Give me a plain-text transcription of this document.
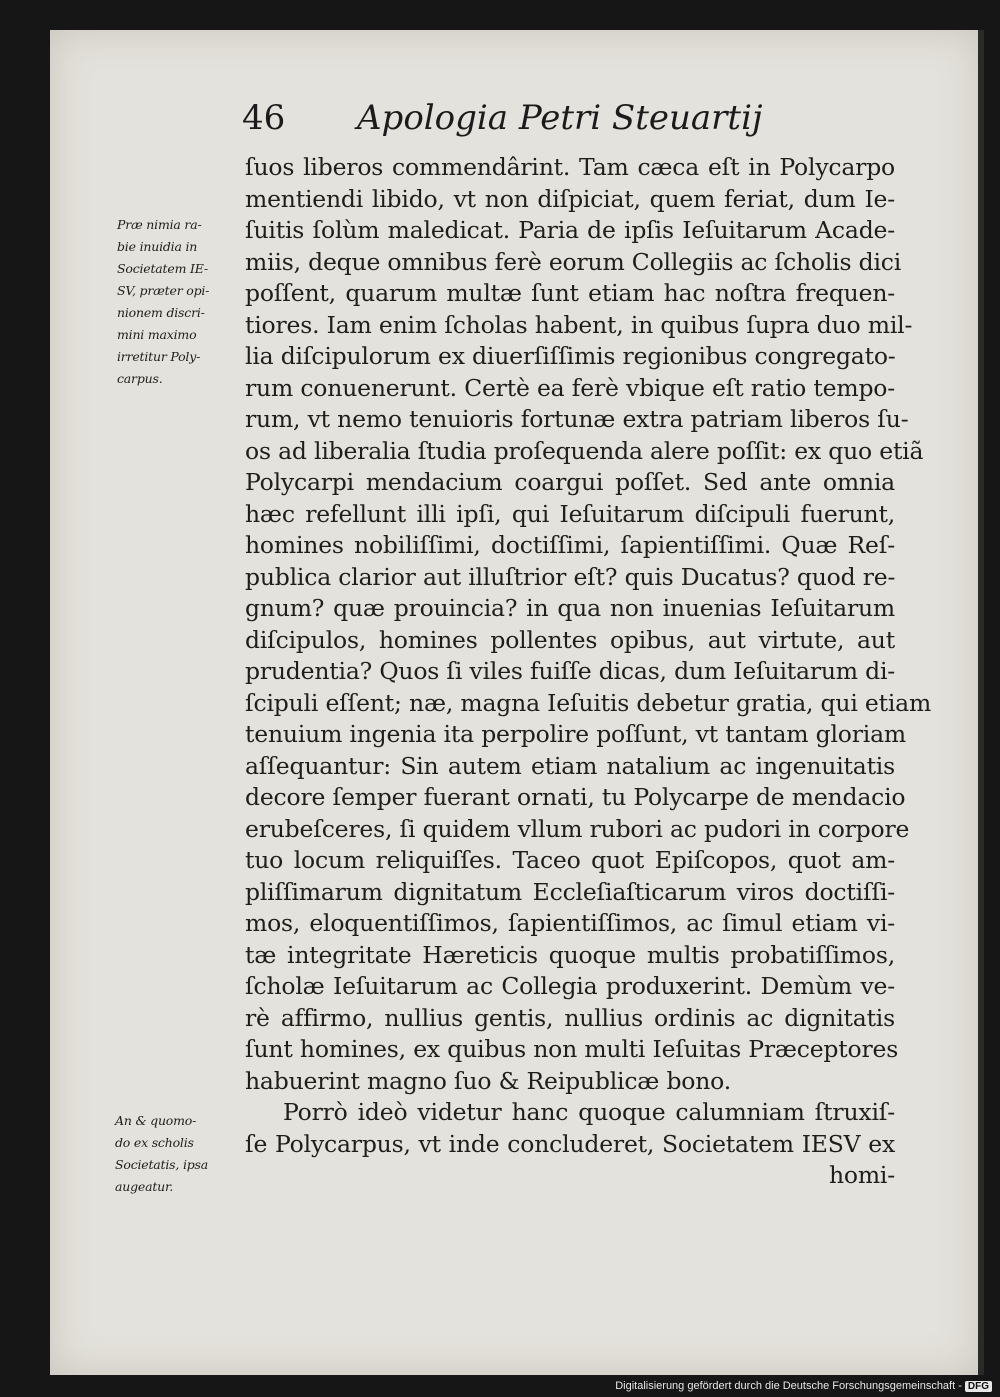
46 Apologia Petri Steuartij
Præ nimia ra-
bie inuidia in
Societatem IE-
SV, præter opi-
nionem discri-
mini maximo
irretitur Poly-
carpus.
An & quomo-
do ex scholis
Societatis, ipsa
augeatur.
ſuos liberos commendârint. Tam cæca eſt in Polycarpo
mentiendi libido, vt non diſpiciat, quem feriat, dum Ie-
ſuitis ſolùm maledicat. Paria de ipſis Ieſuitarum Acade-
miis, deque omnibus ferè eorum Collegiis ac ſcholis dici
poſſent, quarum multæ ſunt etiam hac noſtra frequen-
tiores. Iam enim ſcholas habent, in quibus ſupra duo mil-
lia diſcipulorum ex diuerſiſſimis regionibus congregato-
rum conuenerunt. Certè ea ferè vbique eſt ratio tempo-
rum, vt nemo tenuioris fortunæ extra patriam liberos ſu-
os ad liberalia ſtudia proſequenda alere poſſit: ex quo etiã
Polycarpi mendacium coargui poſſet. Sed ante omnia
hæc refellunt illi ipſi, qui Ieſuitarum diſcipuli fuerunt,
homines nobiliſſimi, doctiſſimi, ſapientiſſimi. Quæ Reſ-
publica clarior aut illuſtrior eſt? quis Ducatus? quod re-
gnum? quæ prouincia? in qua non inuenias Ieſuitarum
diſcipulos, homines pollentes opibus, aut virtute, aut
prudentia? Quos ſi viles fuiſſe dicas, dum Ieſuitarum di-
ſcipuli eſſent; næ, magna Ieſuitis debetur gratia, qui etiam
tenuium ingenia ita perpolire poſſunt, vt tantam gloriam
aſſequantur: Sin autem etiam natalium ac ingenuitatis
decore ſemper fuerant ornati, tu Polycarpe de mendacio
erubeſceres, ſi quidem vllum rubori ac pudori in corpore
tuo locum reliquiſſes. Taceo quot Epiſcopos, quot am-
pliſſimarum dignitatum Eccleſiaſticarum viros doctiſſi-
mos, eloquentiſſimos, ſapientiſſimos, ac ſimul etiam vi-
tæ integritate Hæreticis quoque multis probatiſſimos,
ſcholæ Ieſuitarum ac Collegia produxerint. Demùm ve-
rè affirmo, nullius gentis, nullius ordinis ac dignitatis
ſunt homines, ex quibus non multi Ieſuitas Præceptores
habuerint magno ſuo & Reipublicæ bono.
Porrò ideò videtur hanc quoque calumniam ſtruxiſ-
ſe Polycarpus, vt inde concluderet, Societatem IESV ex
homi-
Digitalisierung gefördert durch die Deutsche Forschungsgemeinschaft - DFG
